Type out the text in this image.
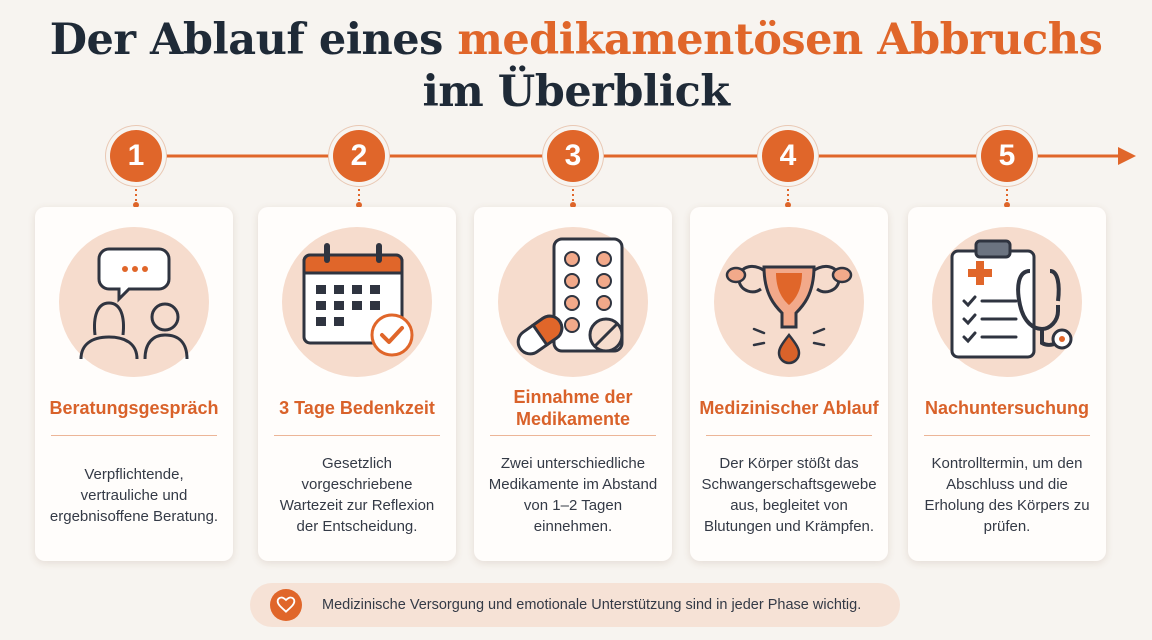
Der Ablauf eines medikamentösen Abbruchs
im Überblick
1	2	3	4	5
Beratungsgespräch
Verpflichtende, vertrauliche und ergebnisoffene Beratung.
3 Tage Bedenkzeit
Gesetzlich vorgeschriebene Wartezeit zur Reflexion der Entscheidung.
Einnahme der Medikamente
Zwei unterschiedliche Medikamente im Abstand von 1–2 Tagen einnehmen.
Medizinischer Ablauf
Der Körper stößt das Schwangerschaftsgewebe aus, begleitet von Blutungen und Krämpfen.
Nachuntersuchung
Kontrolltermin, um den Abschluss und die Erholung des Körpers zu prüfen.
Medizinische Versorgung und emotionale Unterstützung sind in jeder Phase wichtig.
